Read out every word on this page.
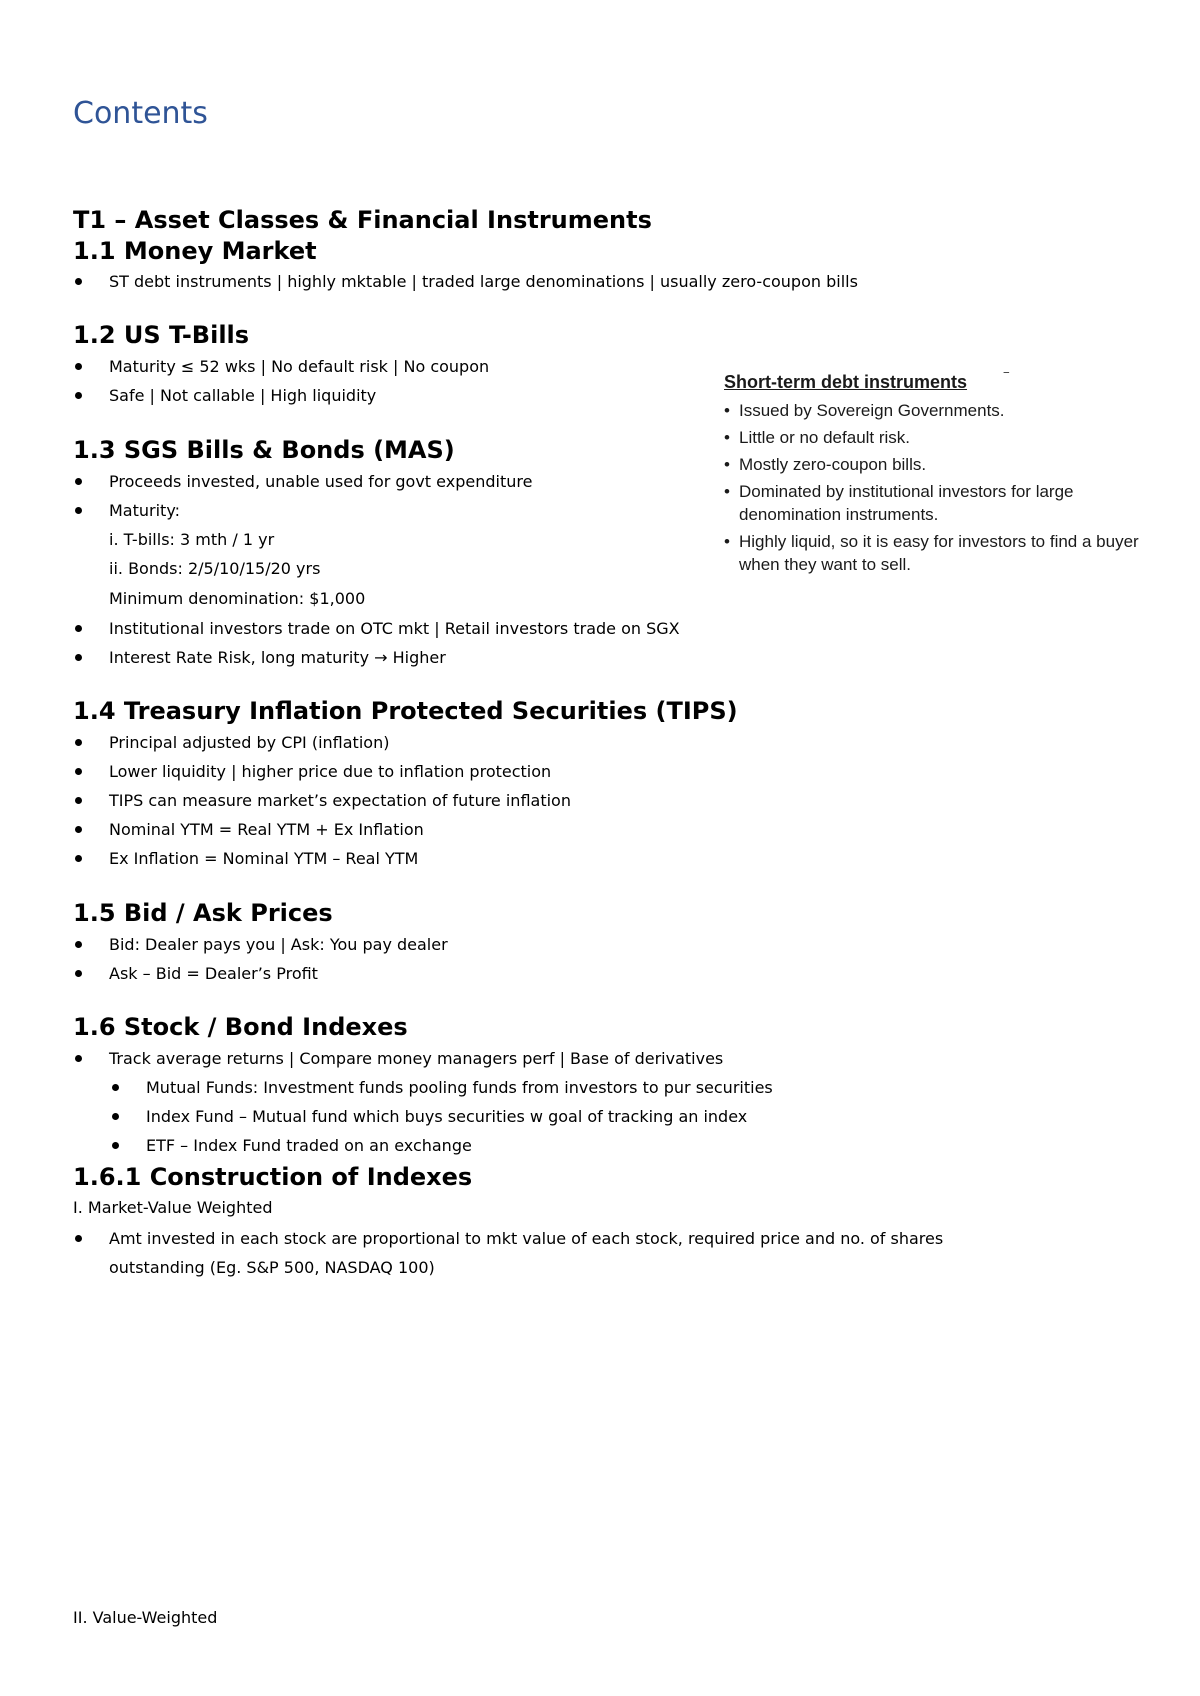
Contents
T1 – Asset Classes & Financial Instruments
1.1 Money Market
ST debt instruments | highly mktable | traded large denominations | usually zero-coupon bills
1.2 US T-Bills
Maturity ≤ 52 wks | No default risk | No coupon
Safe | Not callable | High liquidity
Short-term debt instruments	‾
• Issued by Sovereign Governments.
• Little or no default risk.
• Mostly zero-coupon bills.
• Dominated by institutional investors for large denomination instruments.
• Highly liquid, so it is easy for investors to find a buyer when they want to sell.
1.3 SGS Bills & Bonds (MAS)
Proceeds invested, unable used for govt expenditure
Maturity:
i. T-bills: 3 mth / 1 yr
ii. Bonds: 2/5/10/15/20 yrs
Minimum denomination: $1,000
Institutional investors trade on OTC mkt | Retail investors trade on SGX
Interest Rate Risk, long maturity → Higher
1.4 Treasury Inflation Protected Securities (TIPS)
Principal adjusted by CPI (inflation)
Lower liquidity | higher price due to inflation protection
TIPS can measure market’s expectation of future inflation
Nominal YTM = Real YTM + Ex Inflation
Ex Inflation = Nominal YTM – Real YTM
1.5 Bid / Ask Prices
Bid: Dealer pays you | Ask: You pay dealer
Ask – Bid = Dealer’s Profit
1.6 Stock / Bond Indexes
Track average returns | Compare money managers perf | Base of derivatives
Mutual Funds: Investment funds pooling funds from investors to pur securities
Index Fund – Mutual fund which buys securities w goal of tracking an index
ETF – Index Fund traded on an exchange
1.6.1 Construction of Indexes
I. Market-Value Weighted
Amt invested in each stock are proportional to mkt value of each stock, required price and no. of shares
outstanding (Eg. S&P 500, NASDAQ 100)
II. Value-Weighted
